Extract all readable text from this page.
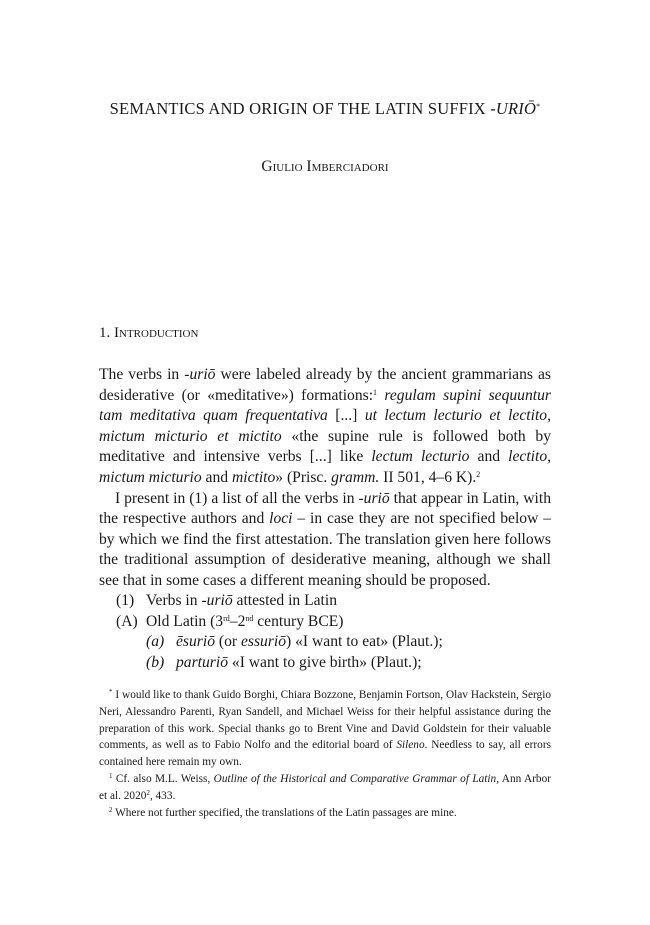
SEMANTICS AND ORIGIN OF THE LATIN SUFFIX -URIŌ*
Giulio Imberciadori
1. Introduction

The verbs in -uriō were labeled already by the ancient grammarians as desiderative (or «meditative») formations:$^1$ regulam supini sequuntur tam meditativa quam frequentativa [...] ut lectum lecturio et lectito, mictum micturio et mictito «the supine rule is followed both by meditative and intensive verbs [...] like lectum lecturio and lectito, mictum micturio and mictito» (Prisc. gramm. II 501, 4–6 K).$^2$

I present in (1) a list of all the verbs in -uriō that appear in Latin, with the respective authors and loci – in case they are not specified below – by which we find the first attestation. The translation given here follows the traditional assumption of desiderative meaning, although we shall see that in some cases a different meaning should be proposed.

(1) Verbs in -uriō attested in Latin
(A) Old Latin (3rd–2nd century BCE)
(a) ēsuriō (or essuriō) «I want to eat» (Plaut.);
(b) parturiō «I want to give birth» (Plaut.);

* I would like to thank Guido Borghi, Chiara Bozzone, Benjamin Fortson, Olav Hackstein, Sergio Neri, Alessandro Parenti, Ryan Sandell, and Michael Weiss for their helpful assistance during the preparation of this work. Special thanks go to Brent Vine and David Goldstein for their valuable comments, as well as to Fabio Nolfo and the editorial board of Sileno. Needless to say, all errors contained here remain my own.

$^1$ Cf. also M.L. Weiss, Outline of the Historical and Comparative Grammar of Latin, Ann Arbor et al. 2020$^2$, 433.

$^2$ Where not further specified, the translations of the Latin passages are mine.
